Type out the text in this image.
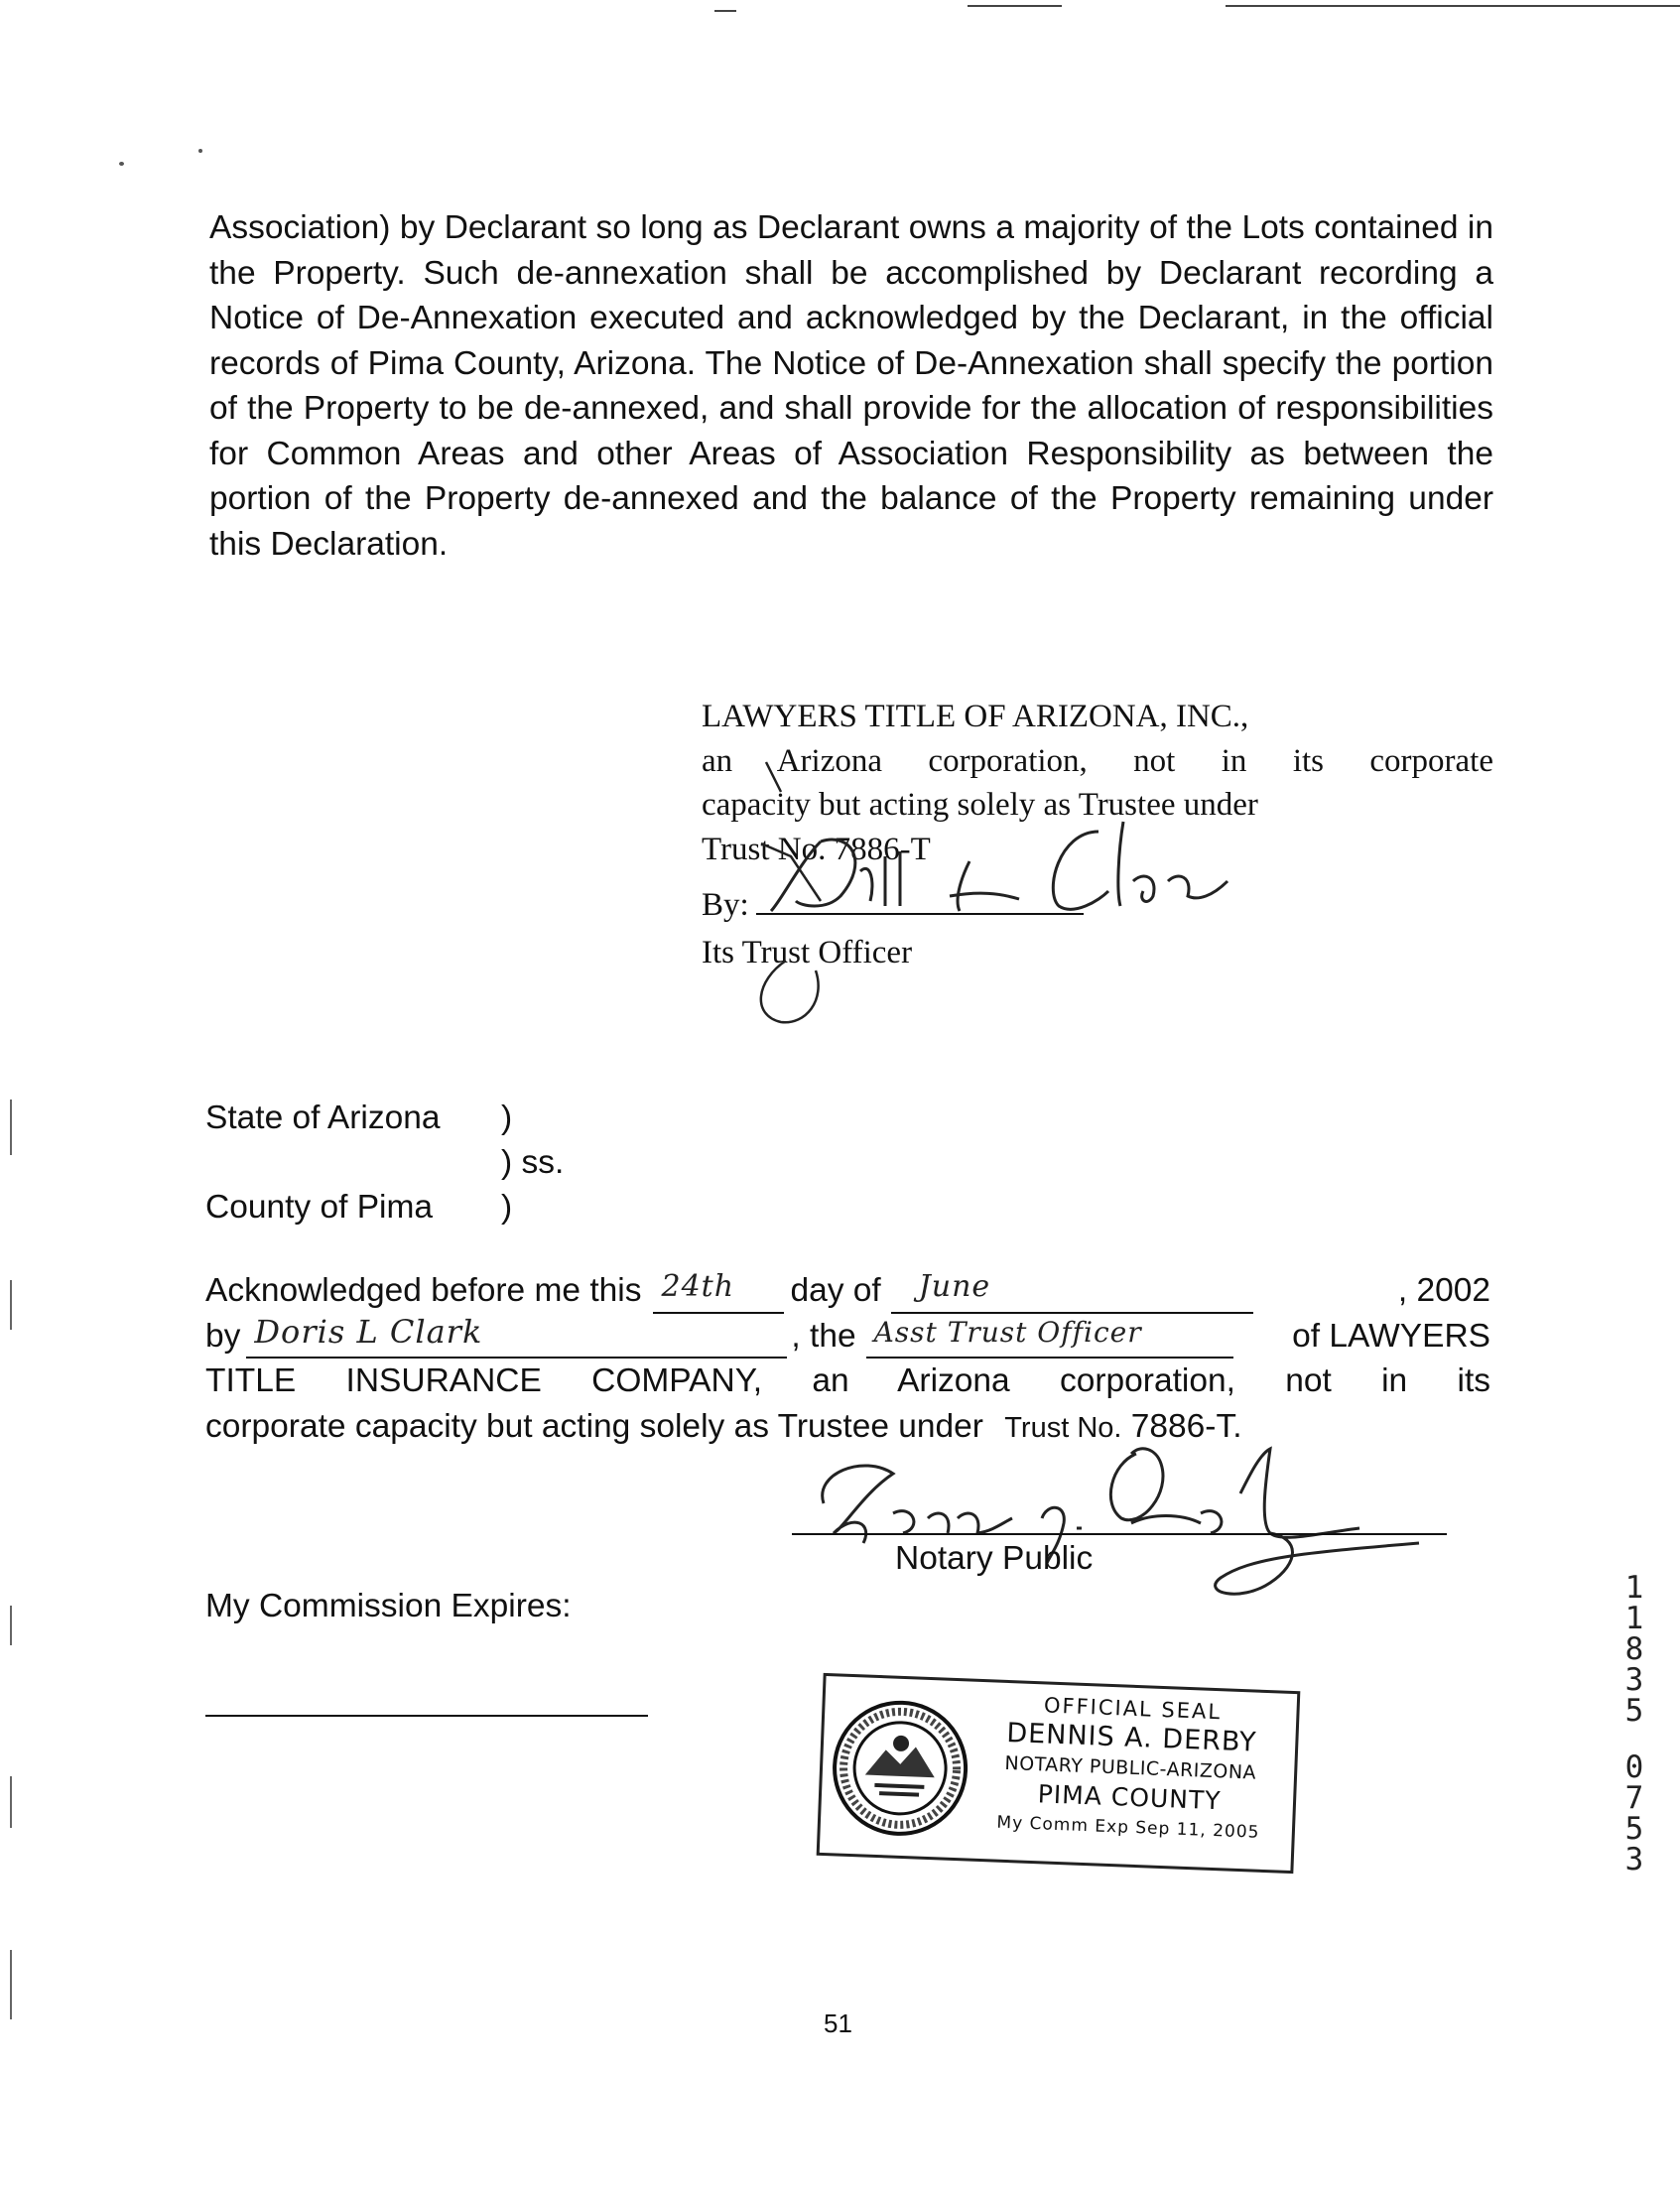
Association) by Declarant so long as Declarant owns a majority of the Lots contained in the Property. Such de-annexation shall be accomplished by Declarant recording a Notice of De-Annexation executed and acknowledged by the Declarant, in the official records of Pima County, Arizona. The Notice of De-Annexation shall specify the portion of the Property to be de-annexed, and shall provide for the allocation of responsibilities for Common Areas and other Areas of Association Responsibility as between the portion of the Property de-annexed and the balance of the Property remaining under this Declaration.
LAWYERS TITLE OF ARIZONA, INC.,
an Arizona corporation, not in its corporate
capacity but acting solely as Trustee under
Trust No. 7886-T
By:
Its Trust Officer
State of Arizona )
) ss.
County of Pima )
Acknowledged before me this 24th day of June	, 2002
by Doris L Clark	, the Asst Trust Officer	of LAWYERS
TITLE INSURANCE COMPANY, an Arizona corporation, not in its
corporate capacity but acting solely as Trustee under Trust No. 7886-T.
Notary Public
My Commission Expires:
THE GREAT SEAL OF THE STATE OF ARIZONA 1912
OFFICIAL SEAL
DENNIS A. DERBY
NOTARY PUBLIC-ARIZONA
PIMA COUNTY
My Comm Exp Sep 11, 2005
51
1
1
8
3
5
0
7
5
3
